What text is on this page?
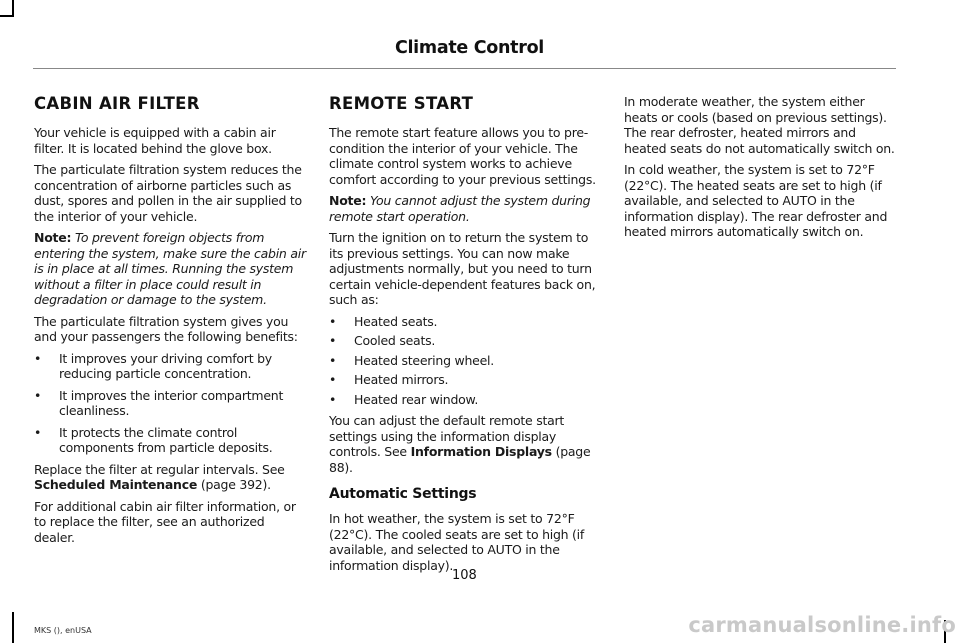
Climate Control
CABIN AIR FILTER

Your vehicle is equipped with a cabin air filter. It is located behind the glove box.

The particulate filtration system reduces the concentration of airborne particles such as dust, spores and pollen in the air supplied to the interior of your vehicle.

Note: To prevent foreign objects from entering the system, make sure the cabin air is in place at all times. Running the system without a filter in place could result in degradation or damage to the system.

The particulate filtration system gives you and your passengers the following benefits:

• It improves your driving comfort by reducing particle concentration.
• It improves the interior compartment cleanliness.
• It protects the climate control components from particle deposits.

Replace the filter at regular intervals. See Scheduled Maintenance (page 392).

For additional cabin air filter information, or to replace the filter, see an authorized dealer.

REMOTE START

The remote start feature allows you to pre-condition the interior of your vehicle. The climate control system works to achieve comfort according to your previous settings.

Note: You cannot adjust the system during remote start operation.

Turn the ignition on to return the system to its previous settings. You can now make adjustments normally, but you need to turn certain vehicle-dependent features back on, such as:

• Heated seats.
• Cooled seats.
• Heated steering wheel.
• Heated mirrors.
• Heated rear window.

You can adjust the default remote start settings using the information display controls. See Information Displays (page 88).

Automatic Settings

In hot weather, the system is set to 72°F (22°C). The cooled seats are set to high (if available, and selected to AUTO in the information display).

In moderate weather, the system either heats or cools (based on previous settings). The rear defroster, heated mirrors and heated seats do not automatically switch on.

In cold weather, the system is set to 72°F (22°C). The heated seats are set to high (if available, and selected to AUTO in the information display). The rear defroster and heated mirrors automatically switch on.

108
MKS (), enUSA	carmanualsonline.info
